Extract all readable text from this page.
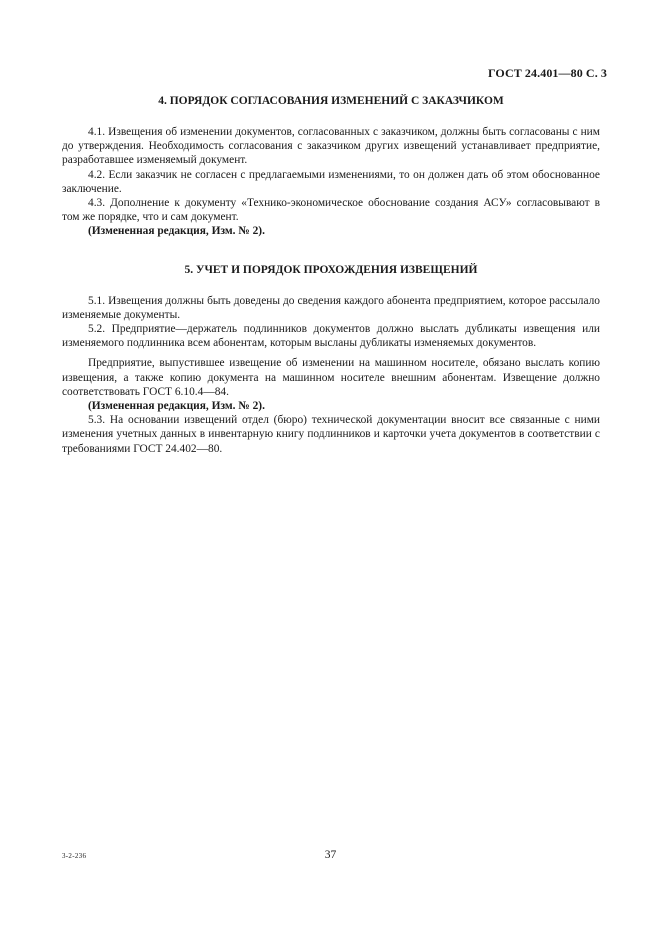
ГОСТ 24.401—80 С. 3
4. ПОРЯДОК СОГЛАСОВАНИЯ ИЗМЕНЕНИЙ С ЗАКАЗЧИКОМ

4.1. Извещения об изменении документов, согласованных с заказчиком, должны быть согласованы с ним до утверждения. Необходимость согласования с заказчиком других извещений устанавливает предприятие, разработавшее изменяемый документ.

4.2. Если заказчик не согласен с предлагаемыми изменениями, то он должен дать об этом обоснованное заключение.

4.3. Дополнение к документу «Технико-экономическое обоснование создания АСУ» согласовывают в том же порядке, что и сам документ.

(Измененная редакция, Изм. № 2).

5. УЧЕТ И ПОРЯДОК ПРОХОЖДЕНИЯ ИЗВЕЩЕНИЙ

5.1. Извещения должны быть доведены до сведения каждого абонента предприятием, которое рассылало изменяемые документы.

5.2. Предприятие—держатель подлинников документов должно выслать дубликаты извещения или изменяемого подлинника всем абонентам, которым высланы дубликаты изменяемых документов.

Предприятие, выпустившее извещение об изменении на машинном носителе, обязано выслать копию извещения, а также копию документа на машинном носителе внешним абонентам. Извещение должно соответствовать ГОСТ 6.10.4—84.

(Измененная редакция, Изм. № 2).

5.3. На основании извещений отдел (бюро) технической документации вносит все связанные с ними изменения учетных данных в инвентарную книгу подлинников и карточки учета документов в соответствии с требованиями ГОСТ 24.402—80.

3-2-236	37
